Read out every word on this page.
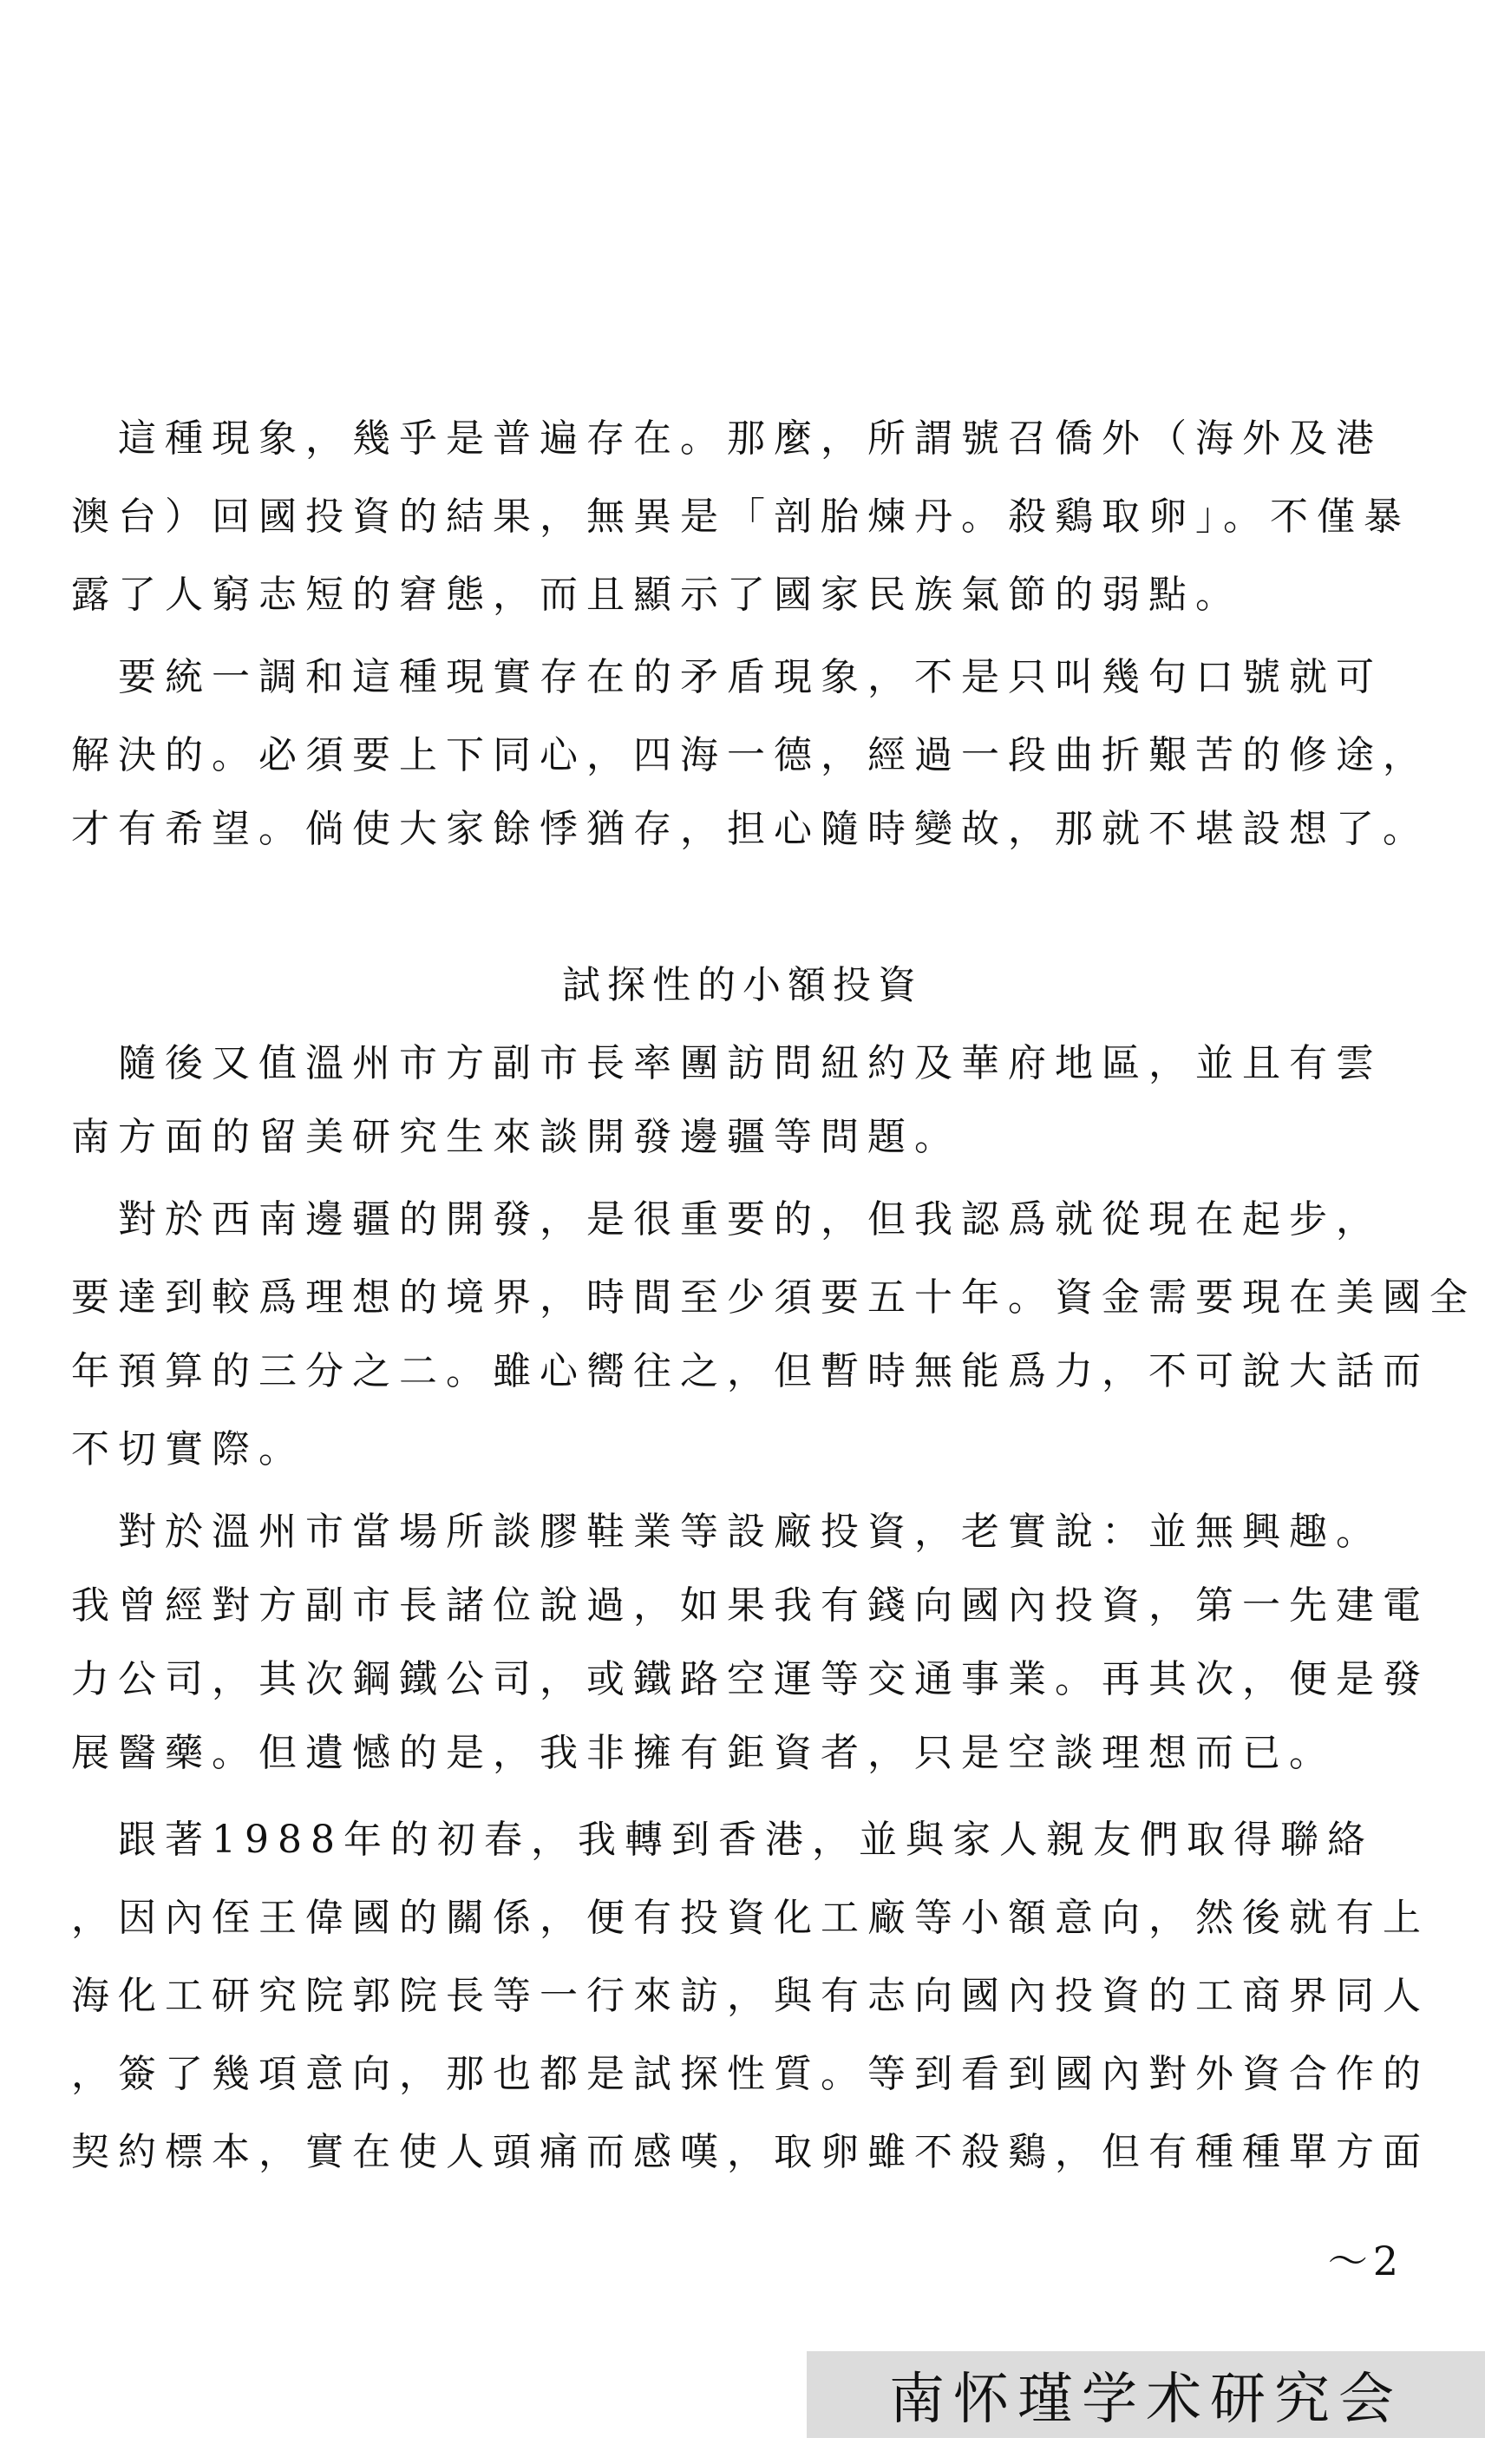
　這種現象，幾乎是普遍存在。那麼，所謂號召僑外（海外及港
澳台）回國投資的結果，無異是「剖胎煉丹。殺鷄取卵」。不僅暴
露了人窮志短的窘態，而且顯示了國家民族氣節的弱點。
　要統一調和這種現實存在的矛盾現象，不是只叫幾句口號就可
解決的。必須要上下同心，四海一德，經過一段曲折艱苦的修途，
才有希望。倘使大家餘悸猶存，担心隨時變故，那就不堪設想了。
試探性的小額投資
　隨後又值溫州市方副市長率團訪問紐約及華府地區，並且有雲
南方面的留美研究生來談開發邊疆等問題。
　對於西南邊疆的開發，是很重要的，但我認爲就從現在起步，
要達到較爲理想的境界，時間至少須要五十年。資金需要現在美國全
年預算的三分之二。雖心嚮往之，但暫時無能爲力，不可說大話而
不切實際。
　對於溫州市當場所談膠鞋業等設廠投資，老實說：並無興趣。
我曾經對方副市長諸位說過，如果我有錢向國內投資，第一先建電
力公司，其次鋼鐵公司，或鐵路空運等交通事業。再其次，便是發
展醫藥。但遺憾的是，我非擁有鉅資者，只是空談理想而已。
　跟著1988年的初春，我轉到香港，並與家人親友們取得聯絡
，因內侄王偉國的關係，便有投資化工廠等小額意向，然後就有上
海化工研究院郭院長等一行來訪，與有志向國內投資的工商界同人
，簽了幾項意向，那也都是試探性質。等到看到國內對外資合作的
契約標本，實在使人頭痛而感嘆，取卵雖不殺鷄，但有種種單方面
～2
南怀瑾学术研究会
